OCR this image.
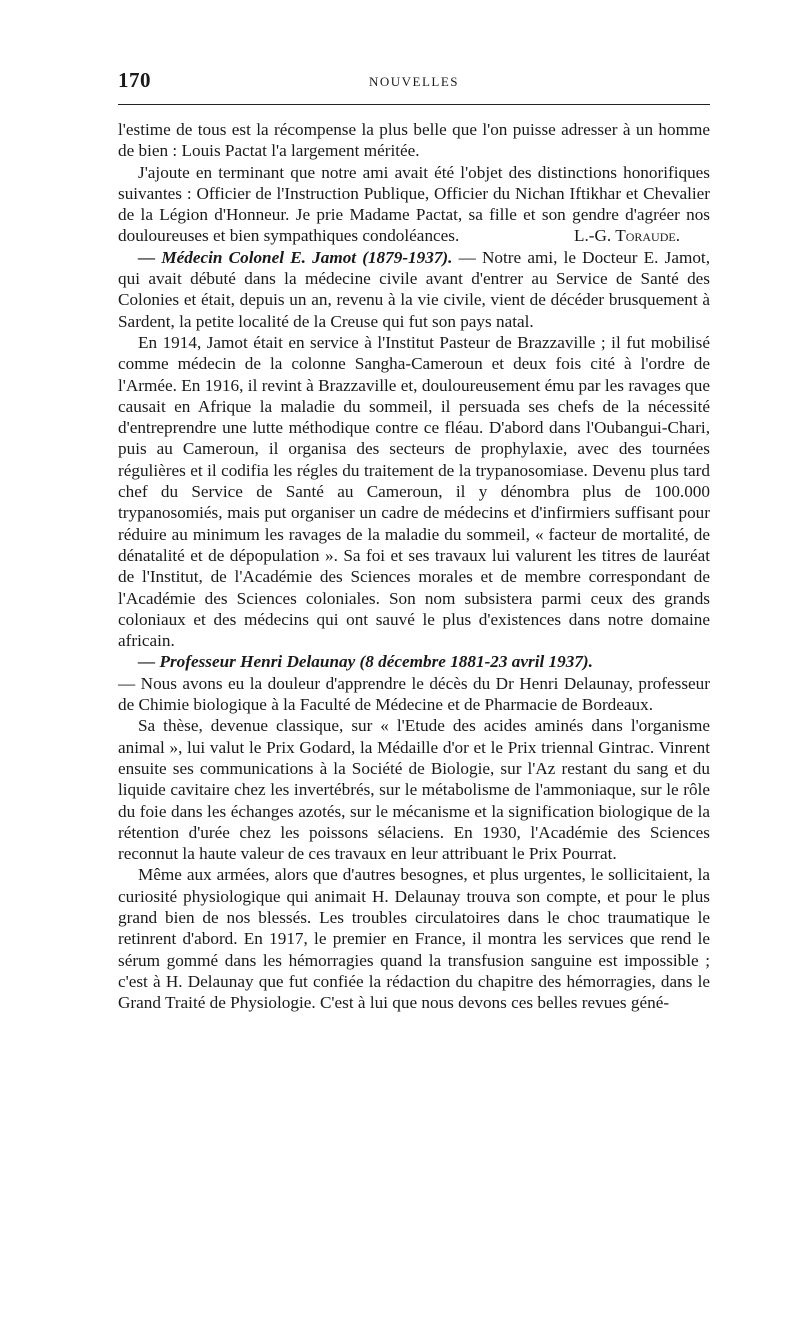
170	NOUVELLES

l'estime de tous est la récompense la plus belle que l'on puisse adresser à un homme de bien : Louis Pactat l'a largement méritée.

J'ajoute en terminant que notre ami avait été l'objet des distinctions honorifiques suivantes : Officier de l'Instruction Publique, Officier du Nichan Iftikhar et Chevalier de la Légion d'Honneur. Je prie Madame Pactat, sa fille et son gendre d'agréer nos douloureuses et bien sympathiques condoléances.	L.-G. Toraude.

— Médecin Colonel E. Jamot (1879-1937). — Notre ami, le Docteur E. Jamot, qui avait débuté dans la médecine civile avant d'entrer au Service de Santé des Colonies et était, depuis un an, revenu à la vie civile, vient de décéder brusquement à Sardent, la petite localité de la Creuse qui fut son pays natal.

En 1914, Jamot était en service à l'Institut Pasteur de Brazzaville ; il fut mobilisé comme médecin de la colonne Sangha-Cameroun et deux fois cité à l'ordre de l'Armée. En 1916, il revint à Brazzaville et, douloureusement ému par les ravages que causait en Afrique la maladie du sommeil, il persuada ses chefs de la nécessité d'entreprendre une lutte méthodique contre ce fléau. D'abord dans l'Oubangui-Chari, puis au Cameroun, il organisa des secteurs de prophylaxie, avec des tournées régulières et il codifia les régles du traitement de la trypanosomiase. Devenu plus tard chef du Service de Santé au Cameroun, il y dénombra plus de 100.000 trypanosomiés, mais put organiser un cadre de médecins et d'infirmiers suffisant pour réduire au minimum les ravages de la maladie du sommeil, « facteur de mortalité, de dénatalité et de dépopulation ». Sa foi et ses travaux lui valurent les titres de lauréat de l'Institut, de l'Académie des Sciences morales et de membre correspondant de l'Académie des Sciences coloniales. Son nom subsistera parmi ceux des grands coloniaux et des médecins qui ont sauvé le plus d'existences dans notre domaine africain.

— Professeur Henri Delaunay (8 décembre 1881-23 avril 1937).

— Nous avons eu la douleur d'apprendre le décès du Dr Henri Delaunay, professeur de Chimie biologique à la Faculté de Médecine et de Pharmacie de Bordeaux.

Sa thèse, devenue classique, sur « l'Etude des acides aminés dans l'organisme animal », lui valut le Prix Godard, la Médaille d'or et le Prix triennal Gintrac. Vinrent ensuite ses communications à la Société de Biologie, sur l'Az restant du sang et du liquide cavitaire chez les invertébrés, sur le métabolisme de l'ammoniaque, sur le rôle du foie dans les échanges azotés, sur le mécanisme et la signification biologique de la rétention d'urée chez les poissons sélaciens. En 1930, l'Académie des Sciences reconnut la haute valeur de ces travaux en leur attribuant le Prix Pourrat.

Même aux armées, alors que d'autres besognes, et plus urgentes, le sollicitaient, la curiosité physiologique qui animait H. Delaunay trouva son compte, et pour le plus grand bien de nos blessés. Les troubles circulatoires dans le choc traumatique le retinrent d'abord. En 1917, le premier en France, il montra les services que rend le sérum gommé dans les hémorragies quand la transfusion sanguine est impossible ; c'est à H. Delaunay que fut confiée la rédaction du chapitre des hémorragies, dans le Grand Traité de Physiologie. C'est à lui que nous devons ces belles revues géné-
